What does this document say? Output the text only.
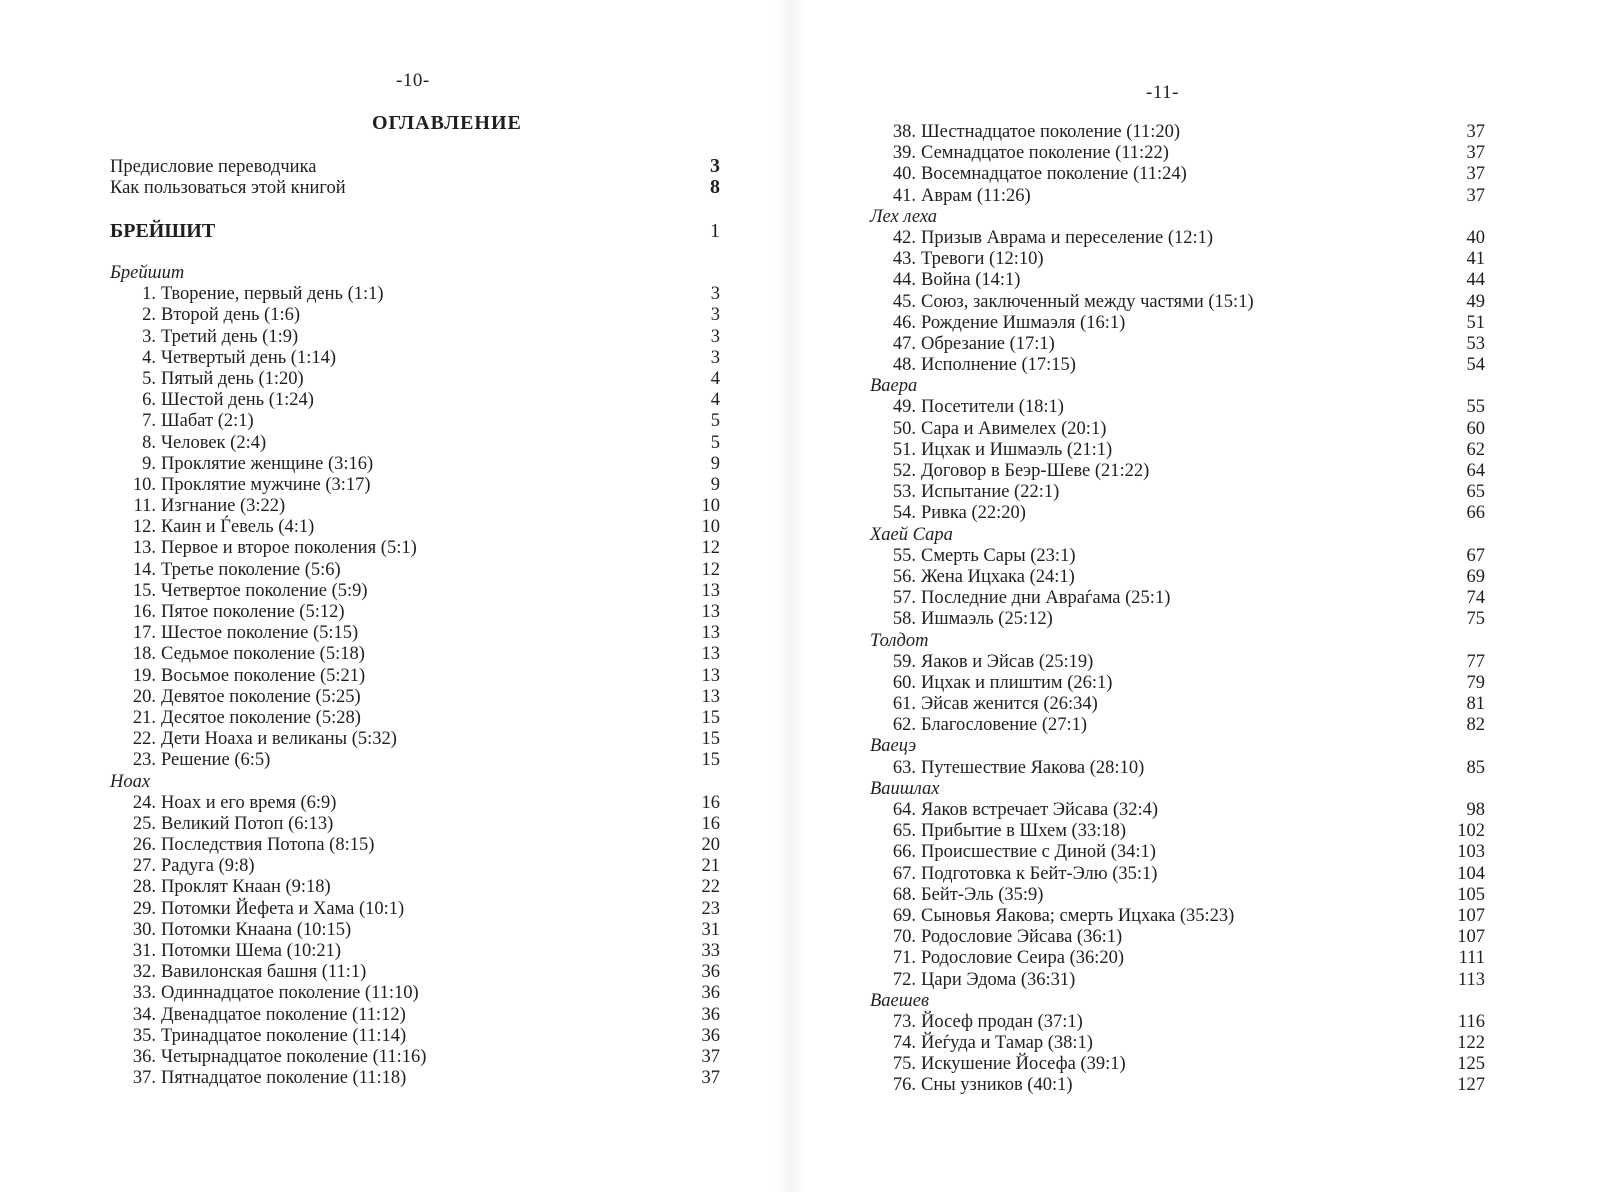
-10-
ОГЛАВЛЕНИЕ
Предисловие переводчика	3
Как пользоваться этой книгой	8
БРЕЙШИТ	1
Брейшит
1. Творение, первый день (1:1)	3
2. Второй день (1:6)	3
3. Третий день (1:9)	3
4. Четвертый день (1:14)	3
5. Пятый день (1:20)	4
6. Шестой день (1:24)	4
7. Шабат (2:1)	5
8. Человек (2:4)	5
9. Проклятие женщине (3:16)	9
10. Проклятие мужчине (3:17)	9
11. Изгнание (3:22)	10
12. Каин и Ѓевель (4:1)	10
13. Первое и второе поколения (5:1)	12
14. Третье поколение (5:6)	12
15. Четвертое поколение (5:9)	13
16. Пятое поколение (5:12)	13
17. Шестое поколение (5:15)	13
18. Седьмое поколение (5:18)	13
19. Восьмое поколение (5:21)	13
20. Девятое поколение (5:25)	13
21. Десятое поколение (5:28)	15
22. Дети Ноаха и великаны (5:32)	15
23. Решение (6:5)	15
Ноах
24. Ноах и его время (6:9)	16
25. Великий Потоп (6:13)	16
26. Последствия Потопа (8:15)	20
27. Радуга (9:8)	21
28. Проклят Кнаан (9:18)	22
29. Потомки Йефета и Хама (10:1)	23
30. Потомки Кнаана (10:15)	31
31. Потомки Шема (10:21)	33
32. Вавилонская башня (11:1)	36
33. Одиннадцатое поколение (11:10)	36
34. Двенадцатое поколение (11:12)	36
35. Тринадцатое поколение (11:14)	36
36. Четырнадцатое поколение (11:16)	37
37. Пятнадцатое поколение (11:18)	37
-11-
38. Шестнадцатое поколение (11:20)	37
39. Семнадцатое поколение (11:22)	37
40. Восемнадцатое поколение (11:24)	37
41. Аврам (11:26)	37
Лех леха
42. Призыв Аврама и переселение (12:1)	40
43. Тревоги (12:10)	41
44. Война (14:1)	44
45. Союз, заключенный между частями (15:1)	49
46. Рождение Ишмаэля (16:1)	51
47. Обрезание (17:1)	53
48. Исполнение (17:15)	54
Ваера
49. Посетители (18:1)	55
50. Сара и Авимелех (20:1)	60
51. Ицхак и Ишмаэль (21:1)	62
52. Договор в Беэр-Шеве (21:22)	64
53. Испытание (22:1)	65
54. Ривка (22:20)	66
Хаей Сара
55. Смерть Сары (23:1)	67
56. Жена Ицхака (24:1)	69
57. Последние дни Авраѓама (25:1)	74
58. Ишмаэль (25:12)	75
Толдот
59. Яаков и Эйсав (25:19)	77
60. Ицхак и плиштим (26:1)	79
61. Эйсав женится (26:34)	81
62. Благословение (27:1)	82
Ваецэ
63. Путешествие Яакова (28:10)	85
Ваишлах
64. Яаков встречает Эйсава (32:4)	98
65. Прибытие в Шхем (33:18)	102
66. Происшествие с Диной (34:1)	103
67. Подготовка к Бейт-Элю (35:1)	104
68. Бейт-Эль (35:9)	105
69. Сыновья Яакова; смерть Ицхака (35:23)	107
70. Родословие Эйсава (36:1)	107
71. Родословие Сеира (36:20)	111
72. Цари Эдома (36:31)	113
Ваешев
73. Йосеф продан (37:1)	116
74. Йеѓуда и Тамар (38:1)	122
75. Искушение Йосефа (39:1)	125
76. Сны узников (40:1)	127
